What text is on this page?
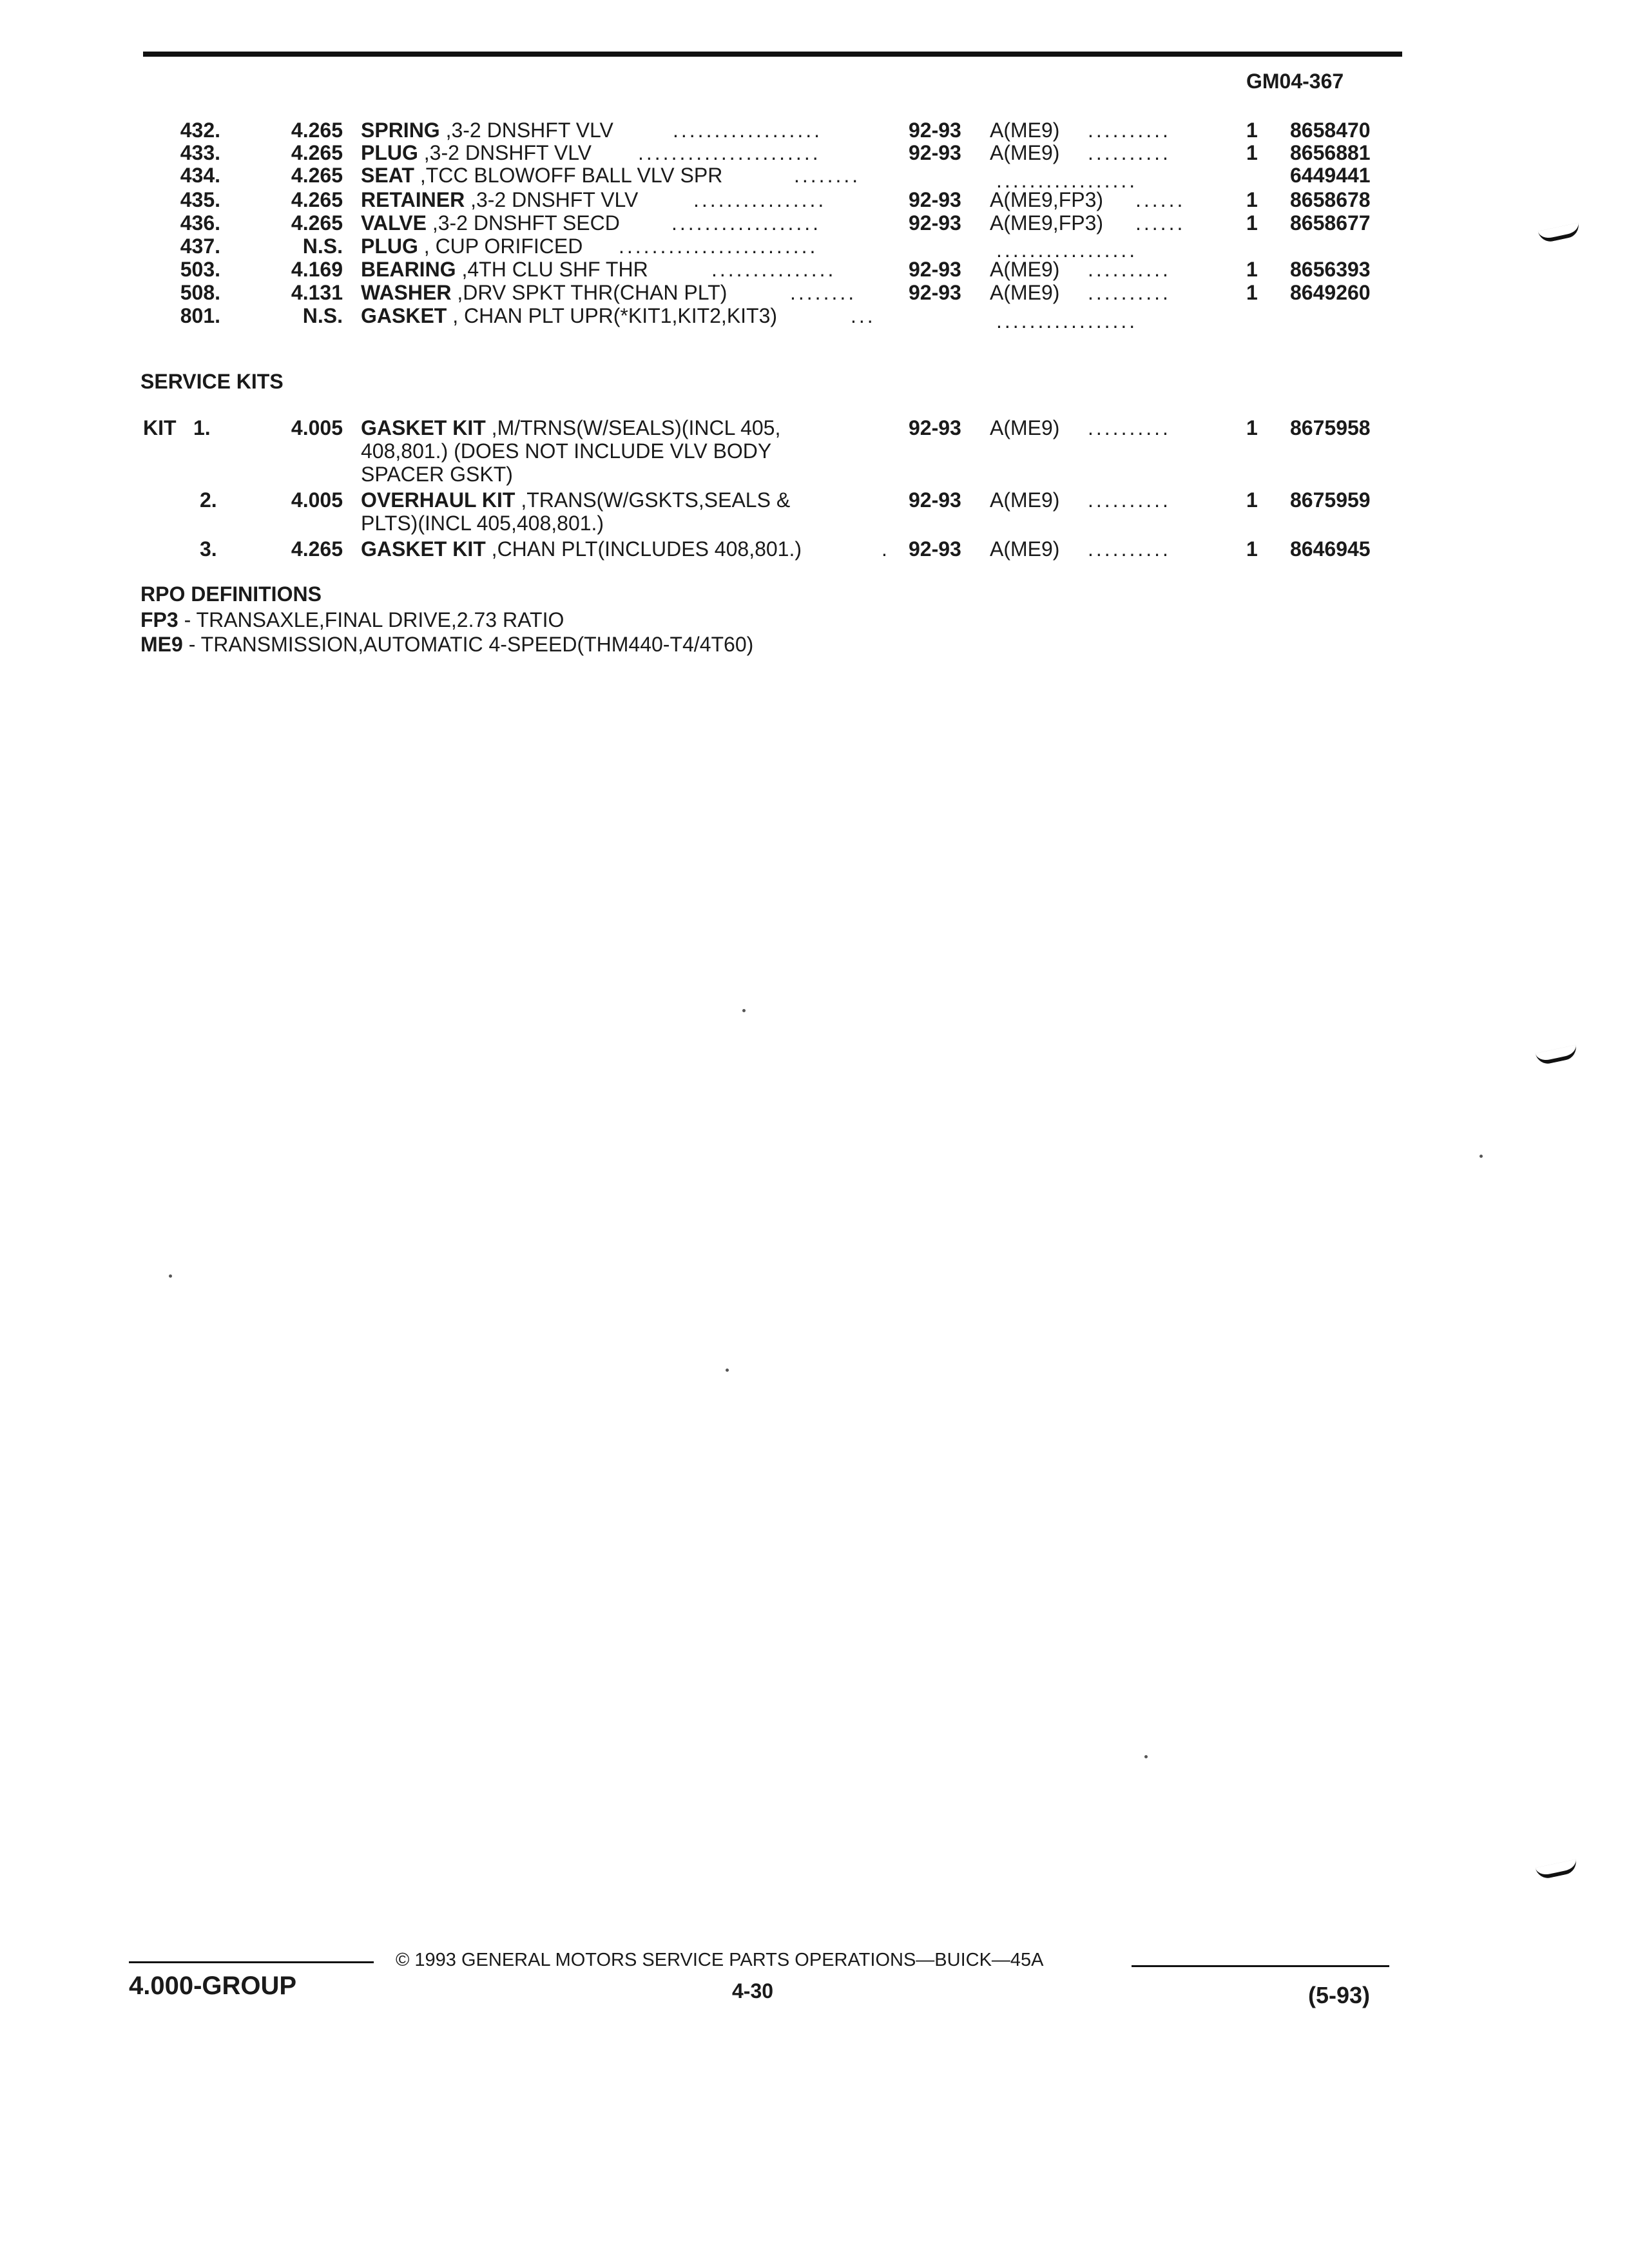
GM04-367
432.	4.265 SPRING ,3-2 DNSHFT VLV	..................	92-93 A(ME9) ..........	1 8658470
433.	4.265 PLUG ,3-2 DNSHFT VLV ......................	92-93 A(ME9) ..........	1 8656881
434.	4.265 SEAT ,TCC BLOWOFF BALL VLV SPR	........	.................	6449441
435.	4.265 RETAINER ,3-2 DNSHFT VLV	................	92-93 A(ME9,FP3) ......	1 8658678
436.	4.265 VALVE ,3-2 DNSHFT SECD	..................	92-93 A(ME9,FP3) ......	1 8658677
437.	N.S. PLUG , CUP ORIFICED ........................	.................
503.	4.169 BEARING ,4TH CLU SHF THR	...............	92-93 A(ME9) ..........	1 8656393
508.	4.131 WASHER ,DRV SPKT THR(CHAN PLT)	........	92-93 A(ME9) ..........	1 8649260
801.	N.S. GASKET , CHAN PLT UPR(*KIT1,KIT2,KIT3)	...	.................
SERVICE KITS
KIT 1.	4.005 GASKET KIT ,M/TRNS(W/SEALS)(INCL 405,	92-93 A(ME9) ..........	1 8675958
408,801.) (DOES NOT INCLUDE VLV BODY
SPACER GSKT)
2.	4.005 OVERHAUL KIT ,TRANS(W/GSKTS,SEALS &	92-93 A(ME9) ..........	1 8675959
PLTS)(INCL 405,408,801.)
3.	4.265 GASKET KIT ,CHAN PLT(INCLUDES 408,801.)	. 92-93 A(ME9) ..........	1 8646945
RPO DEFINITIONS
FP3 - TRANSAXLE,FINAL DRIVE,2.73 RATIO
ME9 - TRANSMISSION,AUTOMATIC 4-SPEED(THM440-T4/4T60)
© 1993 GENERAL MOTORS SERVICE PARTS OPERATIONS—BUICK—45A
4.000-GROUP	4-30	(5-93)
